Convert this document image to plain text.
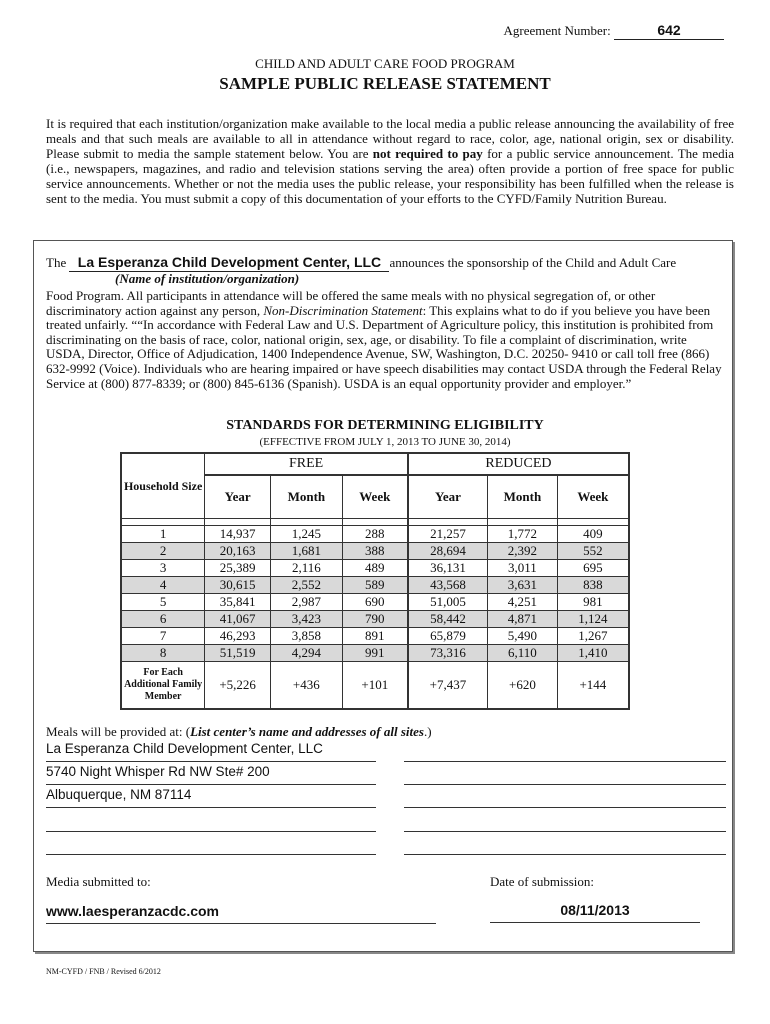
Agreement Number:	642
CHILD AND ADULT CARE FOOD PROGRAM
SAMPLE PUBLIC RELEASE STATEMENT
It is required that each institution/organization make available to the local media a public release announcing the availability of free meals and that such meals are available to all in attendance without regard to race, color, age, national origin, sex or disability. Please submit to media the sample statement below. You are not required to pay for a public service announcement. The media (i.e., newspapers, magazines, and radio and television stations serving the area) often provide a portion of free space for public service announcements. Whether or not the media uses the public release, your responsibility has been fulfilled when the release is sent to the media. You must submit a copy of this documentation of your efforts to the CYFD/Family Nutrition Bureau.
The La Esperanza Child Development Center, LLC announces the sponsorship of the Child and Adult Care
(Name of institution/organization)
Food Program. All participants in attendance will be offered the same meals with no physical segregation of, or other discriminatory action against any person, Non-Discrimination Statement: This explains what to do if you believe you have been treated unfairly. ““In accordance with Federal Law and U.S. Department of Agriculture policy, this institution is prohibited from discriminating on the basis of race, color, national origin, sex, age, or disability. To file a complaint of discrimination, write USDA, Director, Office of Adjudication, 1400 Independence Avenue, SW, Washington, D.C. 20250- 9410 or call toll free (866) 632-9992 (Voice). Individuals who are hearing impaired or have speech disabilities may contact USDA through the Federal Relay Service at (800) 877-8339; or (800) 845-6136 (Spanish). USDA is an equal opportunity provider and employer.”
STANDARDS FOR DETERMINING ELIGIBILITY
(EFFECTIVE FROM JULY 1, 2013 TO JUNE 30, 2014)
Household Size	FREE			REDUCED		
	Year	Month	Week	Year	Month	Week

1	14,937	1,245	288	21,257	1,772	409
2	20,163	1,681	388	28,694	2,392	552
3	25,389	2,116	489	36,131	3,011	695
4	30,615	2,552	589	43,568	3,631	838
5	35,841	2,987	690	51,005	4,251	981
6	41,067	3,423	790	58,442	4,871	1,124
7	46,293	3,858	891	65,879	5,490	1,267
8	51,519	4,294	991	73,316	6,110	1,410
For Each Additional Family Member	+5,226	+436	+101	+7,437	+620	+144
Meals will be provided at: (List center’s name and addresses of all sites.)
La Esperanza Child Development Center, LLC
5740 Night Whisper Rd NW Ste# 200
Albuquerque, NM 87114
Media submitted to:	Date of submission:
www.laesperanzacdc.com	08/11/2013
NM-CYFD / FNB / Revised 6/2012
